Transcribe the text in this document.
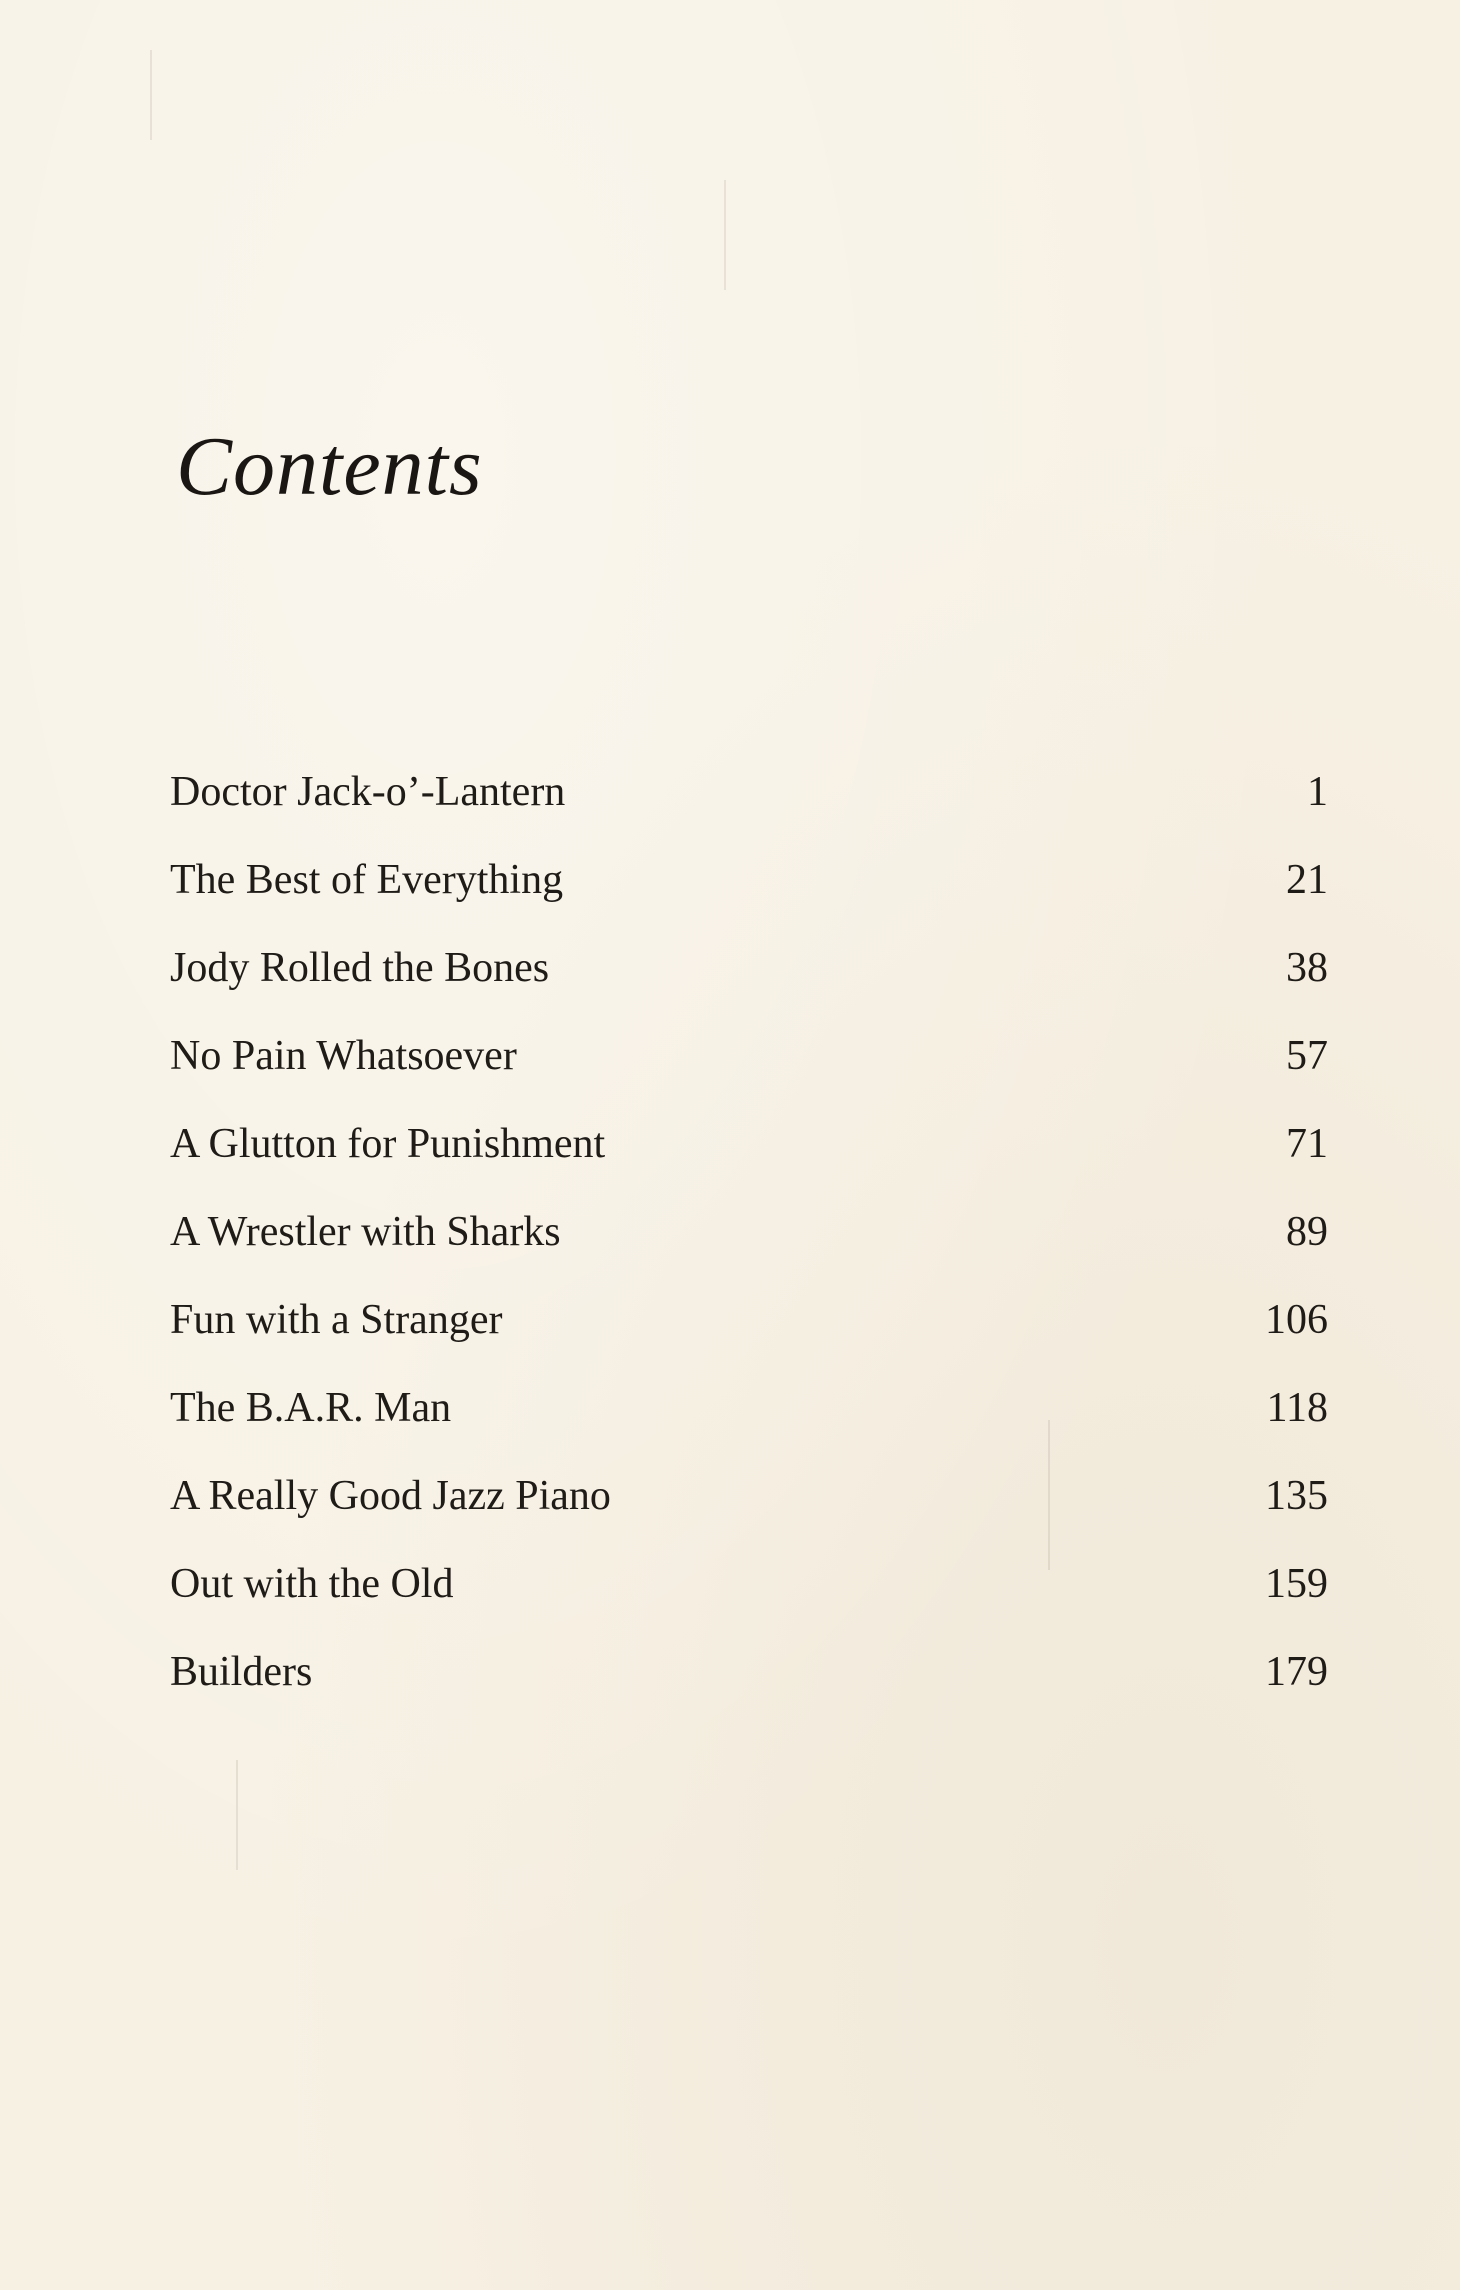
Contents
Doctor Jack-o’-Lantern	1
The Best of Everything	21
Jody Rolled the Bones	38
No Pain Whatsoever	57
A Glutton for Punishment	71
A Wrestler with Sharks	89
Fun with a Stranger	106
The B.A.R. Man	118
A Really Good Jazz Piano	135
Out with the Old	159
Builders	179
